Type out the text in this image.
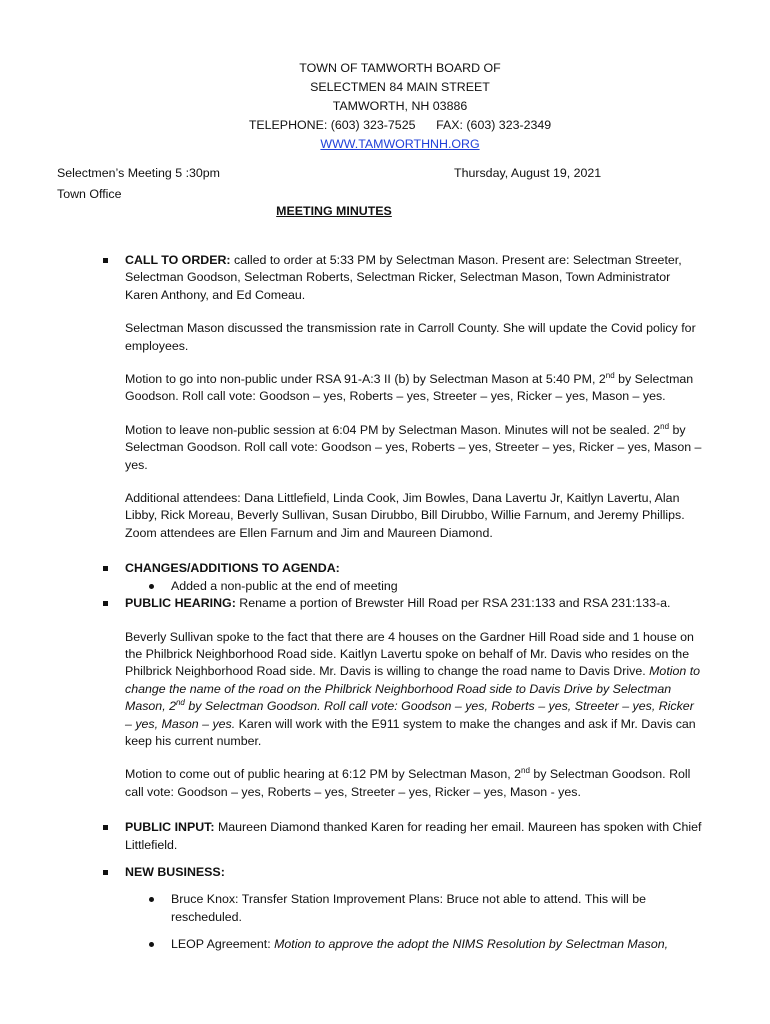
TOWN OF TAMWORTH BOARD OF
SELECTMEN 84 MAIN STREET
TAMWORTH, NH 03886
TELEPHONE: (603) 323-7525      FAX: (603) 323-2349
WWW.TAMWORTHNH.ORG
Selectmen’s Meeting 5 :30pm
Town Office
Thursday, August 19, 2021
MEETING MINUTES

CALL TO ORDER: called to order at 5:33 PM by Selectman Mason. Present are: Selectman Streeter, Selectman Goodson, Selectman Roberts, Selectman Ricker, Selectman Mason, Town Administrator Karen Anthony, and Ed Comeau.

Selectman Mason discussed the transmission rate in Carroll County. She will update the Covid policy for employees.

Motion to go into non-public under RSA 91-A:3 II (b) by Selectman Mason at 5:40 PM, 2nd by Selectman Goodson. Roll call vote: Goodson – yes, Roberts – yes, Streeter – yes, Ricker – yes, Mason – yes.

Motion to leave non-public session at 6:04 PM by Selectman Mason. Minutes will not be sealed. 2nd by Selectman Goodson. Roll call vote: Goodson – yes, Roberts – yes, Streeter – yes, Ricker – yes, Mason – yes.

Additional attendees: Dana Littlefield, Linda Cook, Jim Bowles, Dana Lavertu Jr, Kaitlyn Lavertu, Alan Libby, Rick Moreau, Beverly Sullivan, Susan Dirubbo, Bill Dirubbo, Willie Farnum, and Jeremy Phillips. Zoom attendees are Ellen Farnum and Jim and Maureen Diamond.

CHANGES/ADDITIONS TO AGENDA:

Added a non-public at the end of meeting

PUBLIC HEARING: Rename a portion of Brewster Hill Road per RSA 231:133 and RSA 231:133-a.

Beverly Sullivan spoke to the fact that there are 4 houses on the Gardner Hill Road side and 1 house on the Philbrick Neighborhood Road side. Kaitlyn Lavertu spoke on behalf of Mr. Davis who resides on the Philbrick Neighborhood Road side. Mr. Davis is willing to change the road name to Davis Drive. Motion to change the name of the road on the Philbrick Neighborhood Road side to Davis Drive by Selectman Mason, 2nd by Selectman Goodson. Roll call vote: Goodson – yes, Roberts – yes, Streeter – yes, Ricker – yes, Mason – yes. Karen will work with the E911 system to make the changes and ask if Mr. Davis can keep his current number.

Motion to come out of public hearing at 6:12 PM by Selectman Mason, 2nd by Selectman Goodson. Roll call vote: Goodson – yes, Roberts – yes, Streeter – yes, Ricker – yes, Mason - yes.

PUBLIC INPUT: Maureen Diamond thanked Karen for reading her email. Maureen has spoken with Chief Littlefield.

NEW BUSINESS:

Bruce Knox: Transfer Station Improvement Plans: Bruce not able to attend. This will be rescheduled.
LEOP Agreement: Motion to approve the adopt the NIMS Resolution by Selectman Mason,
